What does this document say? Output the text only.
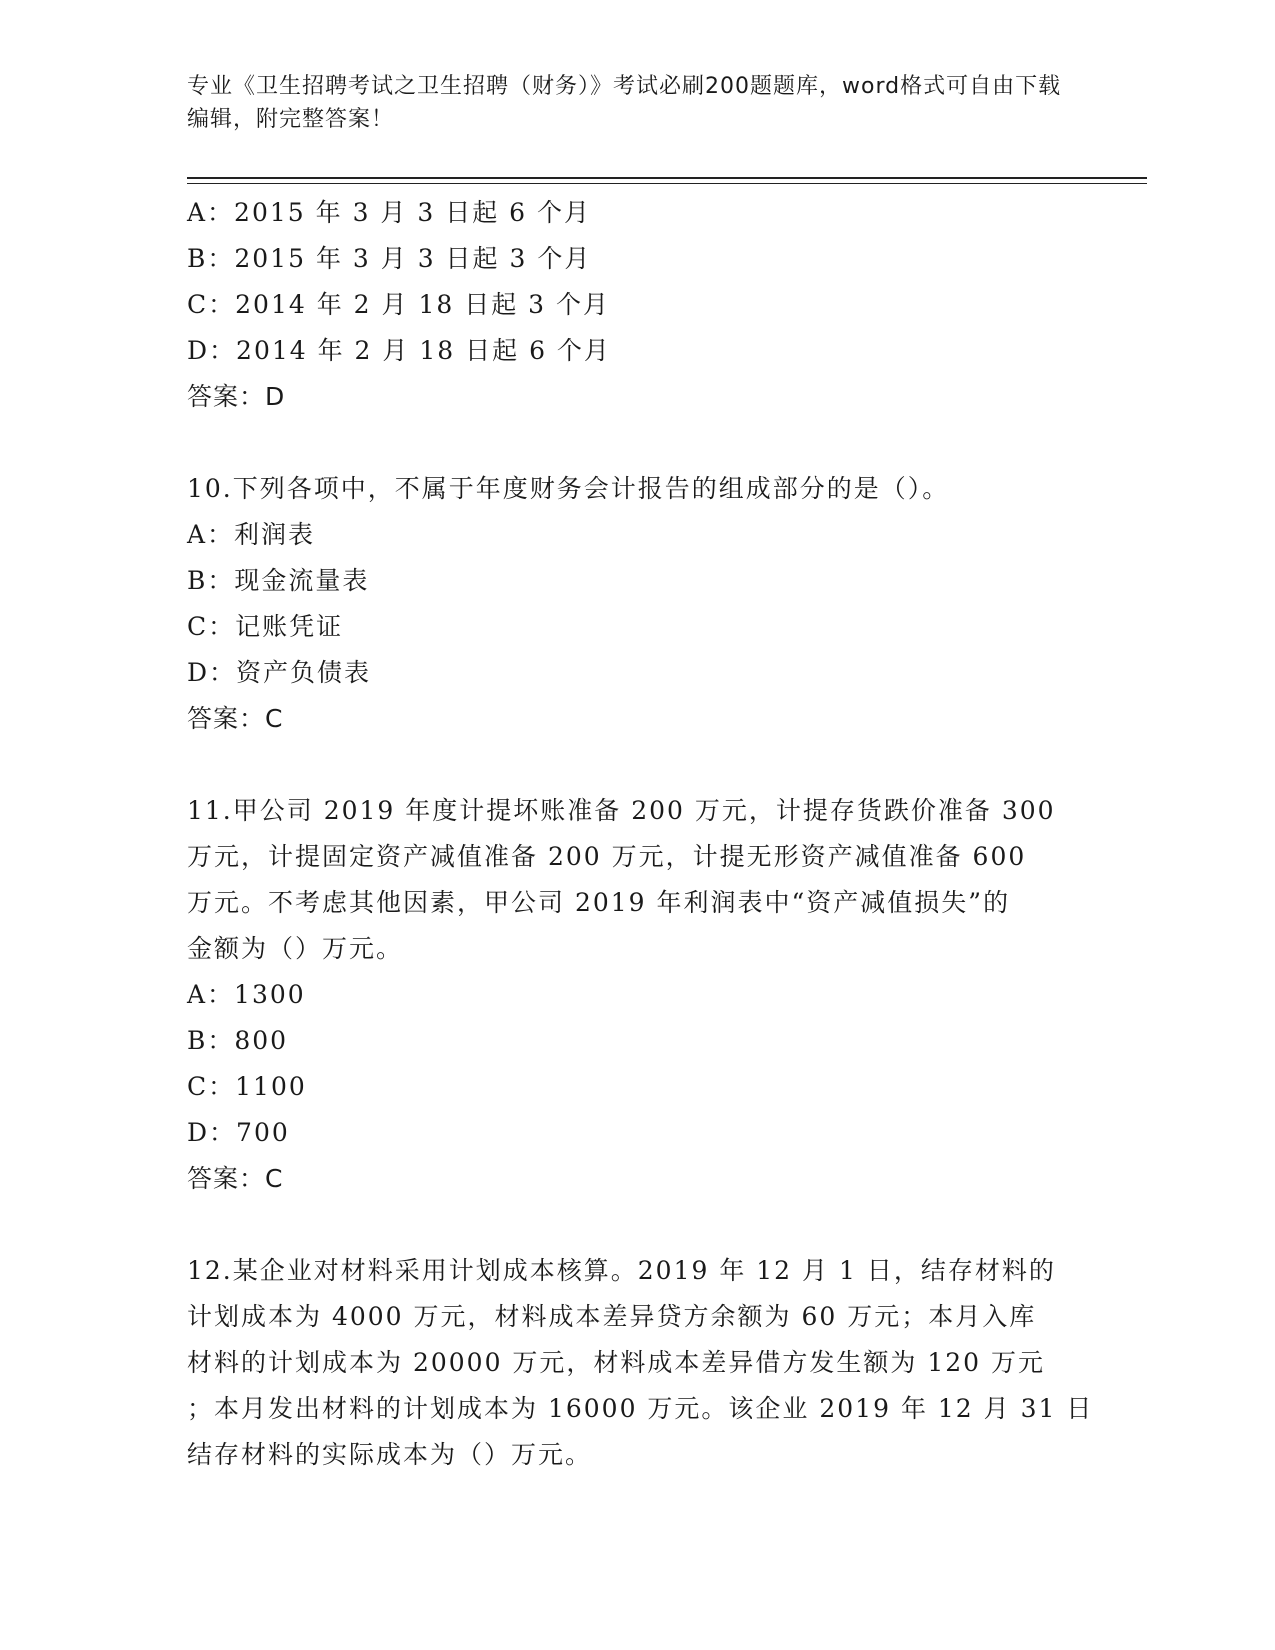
专业《卫生招聘考试之卫生招聘（财务）》考试必刷200题题库，word格式可自由下载编辑，附完整答案！
A：2015 年 3 月 3 日起 6 个月
B：2015 年 3 月 3 日起 3 个月
C：2014 年 2 月 18 日起 3 个月
D：2014 年 2 月 18 日起 6 个月
答案：D
10.下列各项中，不属于年度财务会计报告的组成部分的是（）。
A：利润表
B：现金流量表
C：记账凭证
D：资产负债表
答案：C
11.甲公司 2019 年度计提坏账准备 200 万元，计提存货跌价准备 300
万元，计提固定资产减值准备 200 万元，计提无形资产减值准备 600
万元。不考虑其他因素，甲公司 2019 年利润表中“资产减值损失”的
金额为（）万元。
A：1300
B：800
C：1100
D：700
答案：C
12.某企业对材料采用计划成本核算。2019 年 12 月 1 日，结存材料的
计划成本为 4000 万元，材料成本差异贷方余额为 60 万元；本月入库
材料的计划成本为 20000 万元，材料成本差异借方发生额为 120 万元
；本月发出材料的计划成本为 16000 万元。该企业 2019 年 12 月 31 日
结存材料的实际成本为（）万元。
